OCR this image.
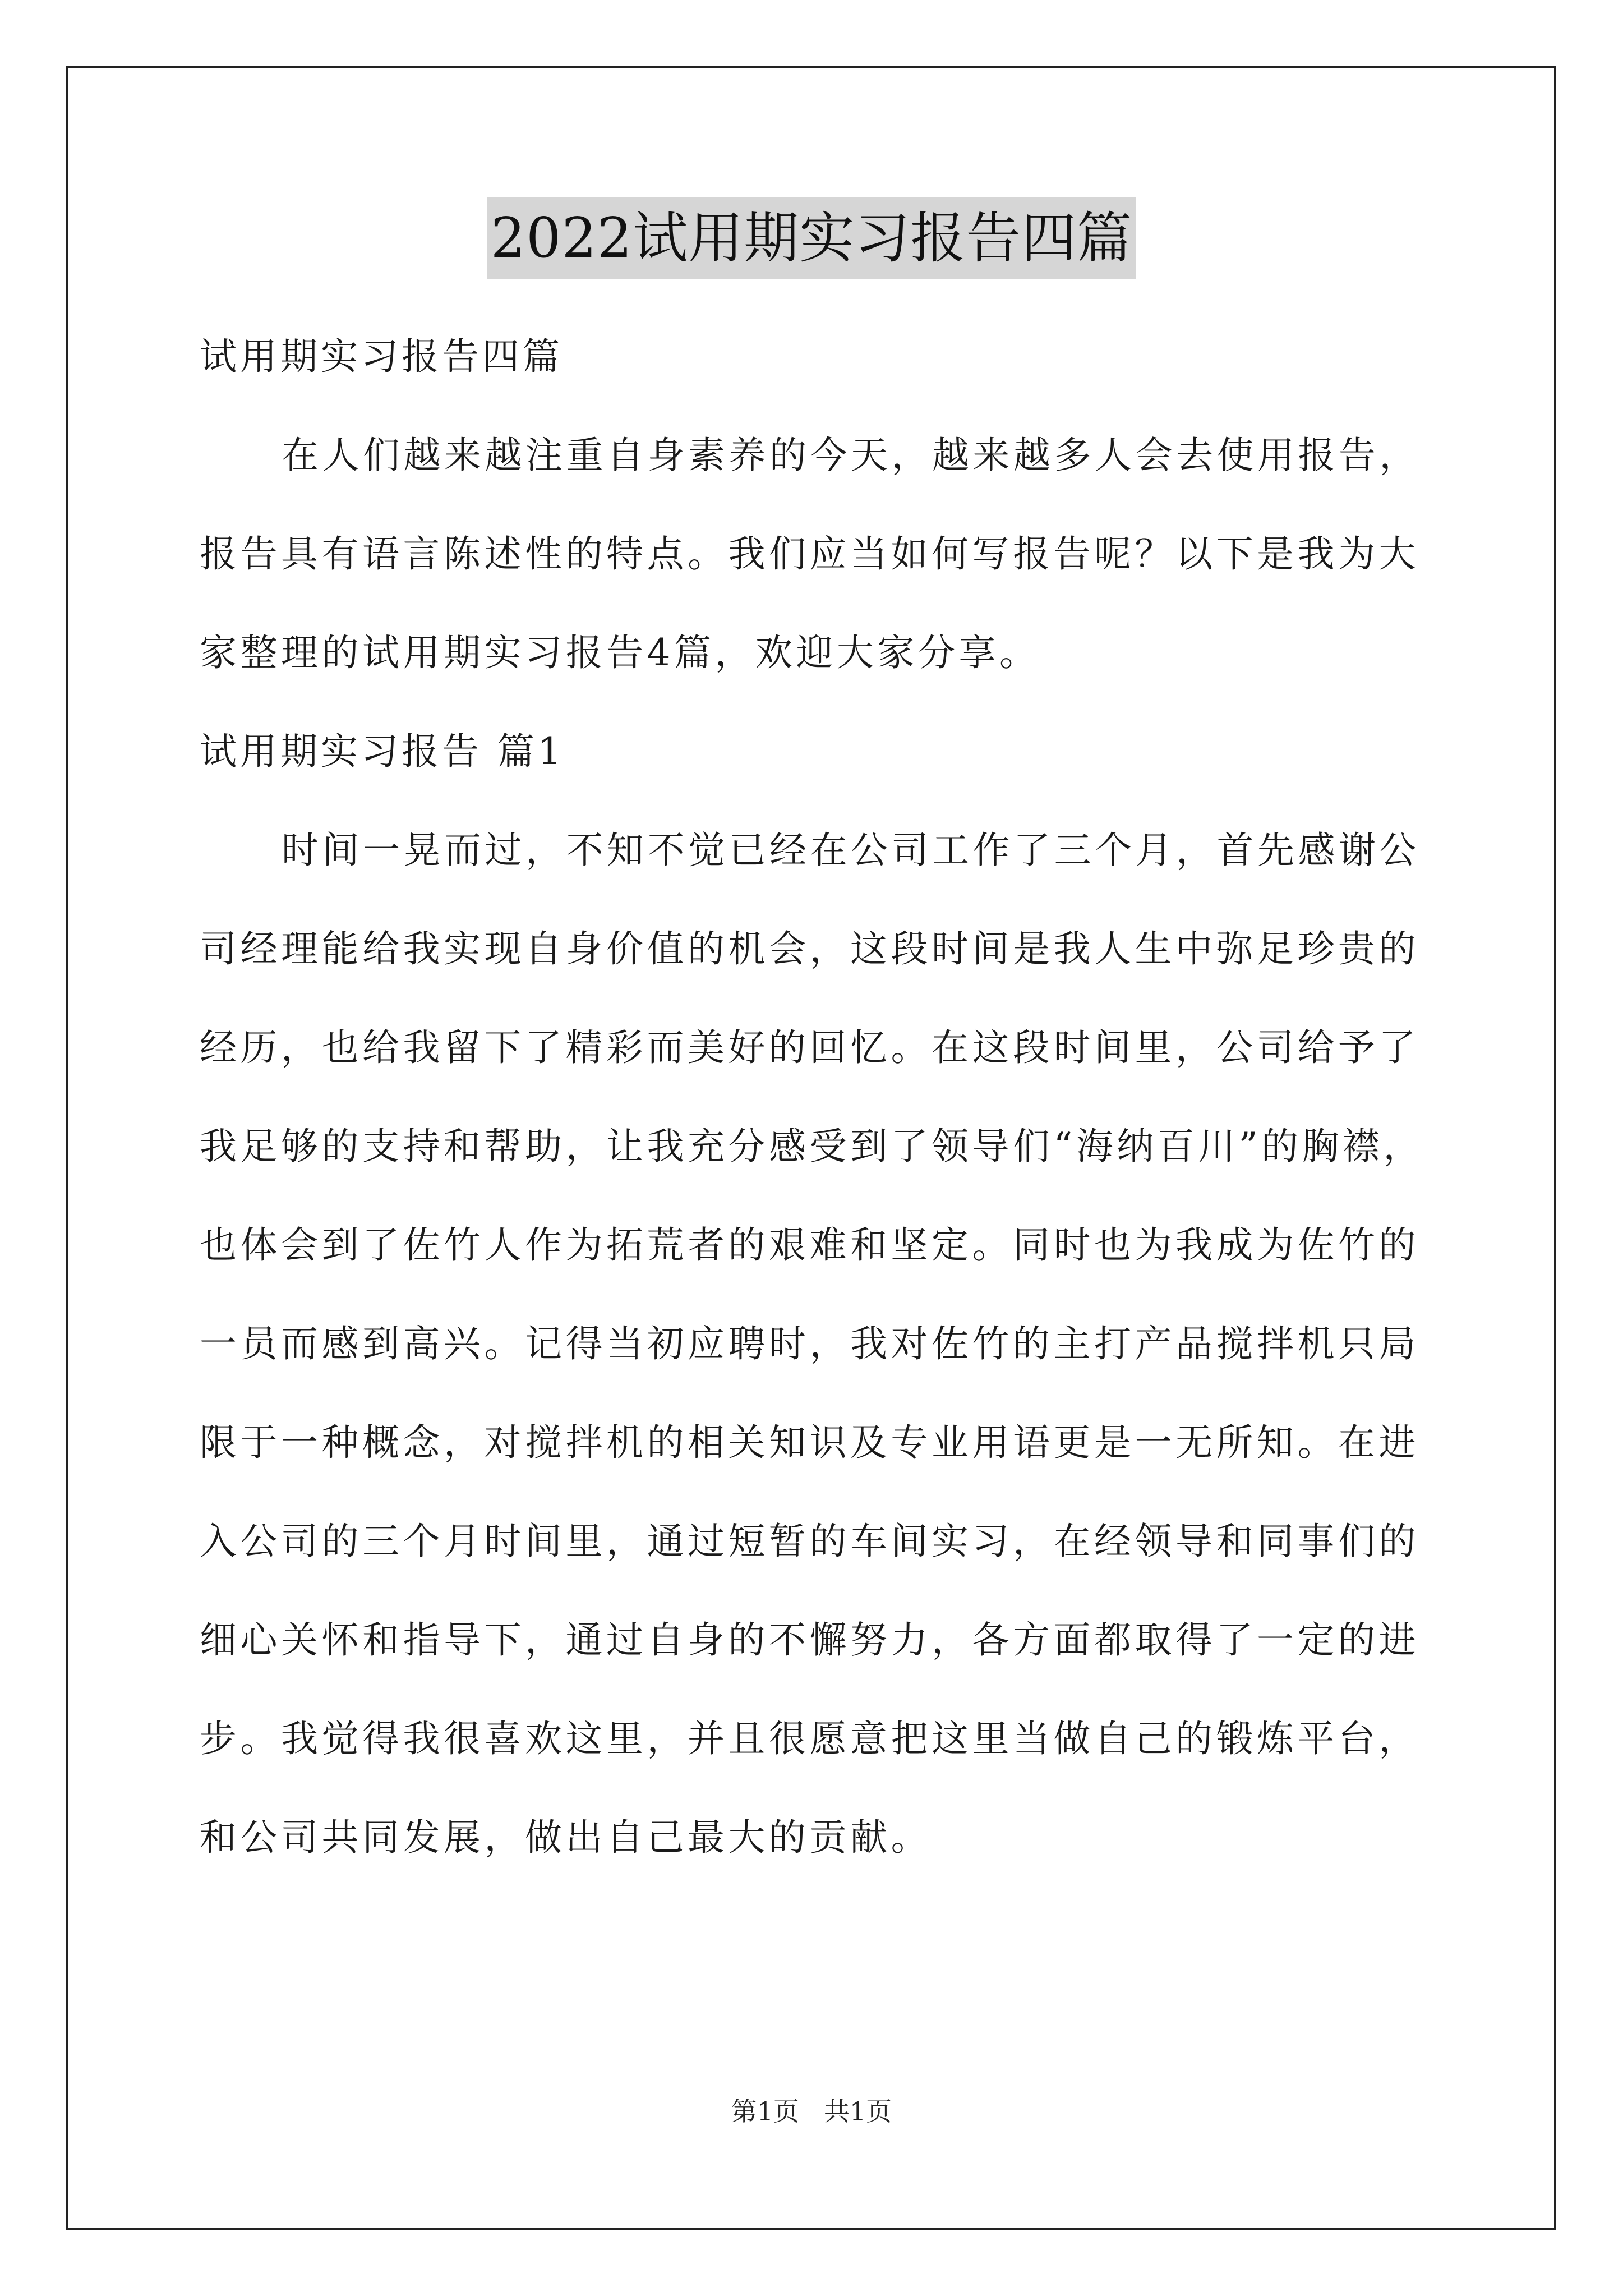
2022试用期实习报告四篇
试用期实习报告四篇
在人们越来越注重自身素养的今天，越来越多人会去使用报告，
报告具有语言陈述性的特点。我们应当如何写报告呢？以下是我为大
家整理的试用期实习报告4篇，欢迎大家分享。
试用期实习报告 篇1
时间一晃而过，不知不觉已经在公司工作了三个月，首先感谢公
司经理能给我实现自身价值的机会，这段时间是我人生中弥足珍贵的
经历，也给我留下了精彩而美好的回忆。在这段时间里，公司给予了
我足够的支持和帮助，让我充分感受到了领导们“海纳百川”的胸襟，
也体会到了佐竹人作为拓荒者的艰难和坚定。同时也为我成为佐竹的
一员而感到高兴。记得当初应聘时，我对佐竹的主打产品搅拌机只局
限于一种概念，对搅拌机的相关知识及专业用语更是一无所知。在进
入公司的三个月时间里，通过短暂的车间实习，在经领导和同事们的
细心关怀和指导下，通过自身的不懈努力，各方面都取得了一定的进
步。我觉得我很喜欢这里，并且很愿意把这里当做自己的锻炼平台，
和公司共同发展，做出自己最大的贡献。
第1页 共1页
